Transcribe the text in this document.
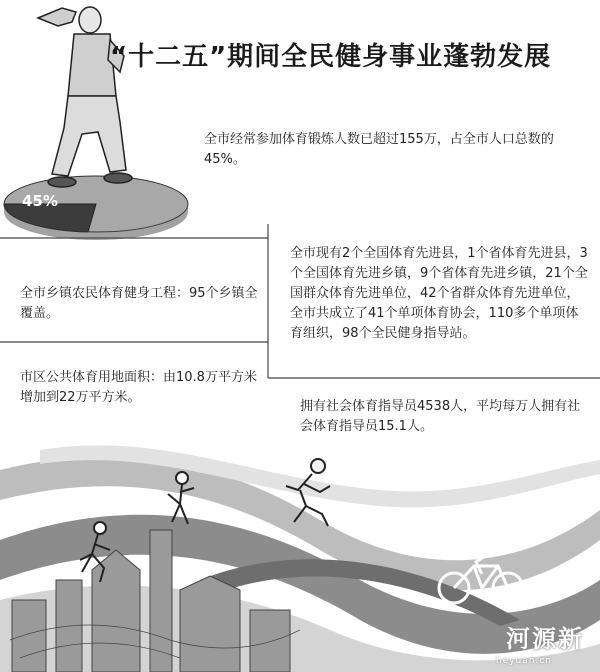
45%
“十二五”期间全民健身事业蓬勃发展
全市经常参加体育锻炼人数已超过155万，占全市人口总数的45%。
全市现有2个全国体育先进县，1个省体育先进县，3个全国体育先进乡镇，9个省体育先进乡镇，21个全国群众体育先进单位，42个省群众体育先进单位，全市共成立了41个单项体育协会，110多个单项体育组织，98个全民健身指导站。
全市乡镇农民体育健身工程：95个乡镇全覆盖。
市区公共体育用地面积：由10.8万平方米增加到22万平方米。
拥有社会体育指导员4538人，平均每万人拥有社会体育指导员15.1人。
河源新
heyuan.cn
